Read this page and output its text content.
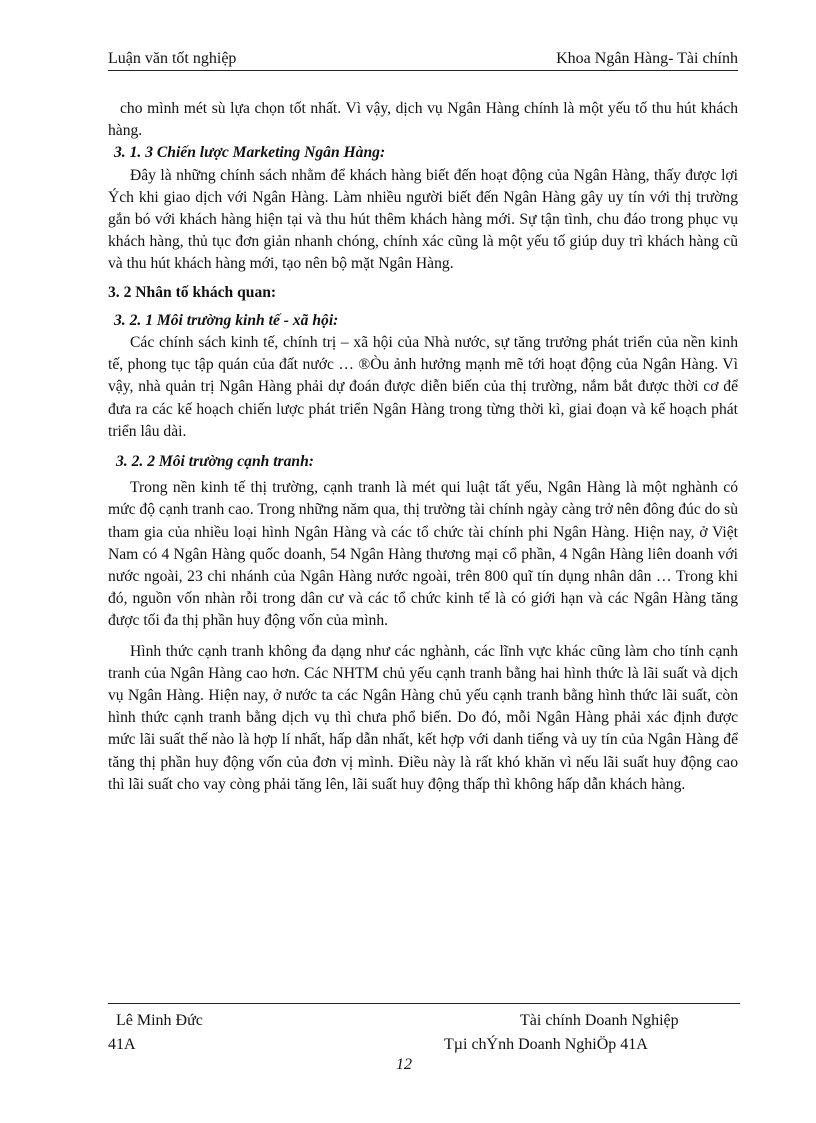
Luận văn tốt nghiệp	Khoa Ngân Hàng- Tài chính

cho mình mét sù lựa chọn tốt nhất. Vì vậy, dịch vụ Ngân Hàng chính là một yếu tố thu hút khách hàng.

3. 1. 3 Chiến lược Marketing Ngân Hàng:

Đây là những chính sách nhằm để khách hàng biết đến hoạt động của Ngân Hàng, thấy được lợi Ých khi giao dịch với Ngân Hàng. Làm nhiều người biết đến Ngân Hàng gây uy tín với thị trường gắn bó với khách hàng hiện tại và thu hút thêm khách hàng mới. Sự tận tình, chu đáo trong phục vụ khách hàng, thủ tục đơn giản nhanh chóng, chính xác cũng là một yếu tố giúp duy trì khách hàng cũ và thu hút khách hàng mới, tạo nên bộ mặt Ngân Hàng.

3. 2 Nhân tố khách quan:
3. 2. 1 Môi trường kinh tế - xã hội:

Các chính sách kinh tế, chính trị – xã hội của Nhà nước, sự tăng trưởng phát triển của nền kinh tế, phong tục tập quán của đất nước … ®Òu ảnh hưởng mạnh mẽ tới hoạt động của Ngân Hàng. Vì vậy, nhà quản trị Ngân Hàng phải dự đoán được diễn biến của thị trường, nắm bắt được thời cơ để đưa ra các kế hoạch chiến lược phát triển Ngân Hàng trong từng thời kì, giai đoạn và kế hoạch phát triển lâu dài.

3. 2. 2 Môi trường cạnh tranh:

Trong nền kinh tế thị trường, cạnh tranh là mét qui luật tất yếu, Ngân Hàng là một nghành có mức độ cạnh tranh cao. Trong những năm qua, thị trường tài chính ngày càng trở nên đông đúc do sù tham gia của nhiều loại hình Ngân Hàng và các tổ chức tài chính phi Ngân Hàng. Hiện nay, ở Việt Nam có 4 Ngân Hàng quốc doanh, 54 Ngân Hàng thương mại cổ phần, 4 Ngân Hàng liên doanh với nước ngoài, 23 chi nhánh của Ngân Hàng nước ngoài, trên 800 quĩ tín dụng nhân dân … Trong khi đó, nguồn vốn nhàn rỗi trong dân cư và các tổ chức kinh tế là có giới hạn và các Ngân Hàng tăng được tối đa thị phần huy động vốn của mình.

Hình thức cạnh tranh không đa dạng như các nghành, các lĩnh vực khác cũng làm cho tính cạnh tranh của Ngân Hàng cao hơn. Các NHTM chủ yếu cạnh tranh bằng hai hình thức là lãi suất và dịch vụ Ngân Hàng. Hiện nay, ở nước ta các Ngân Hàng chủ yếu cạnh tranh bằng hình thức lãi suất, còn hình thức cạnh tranh bằng dịch vụ thì chưa phổ biến. Do đó, mỗi Ngân Hàng phải xác định được mức lãi suất thế nào là hợp lí nhất, hấp dẫn nhất, kết hợp với danh tiếng và uy tín của Ngân Hàng để tăng thị phần huy động vốn của đơn vị mình. Điều này là rất khó khăn vì nếu lãi suất huy động cao thì lãi suất cho vay còng phải tăng lên, lãi suất huy động thấp thì không hấp dẫn khách hàng.

Lê Minh Đức	Tài chính Doanh Nghiệp
41A	Tµi chÝnh Doanh NghiÖp 41A
12
